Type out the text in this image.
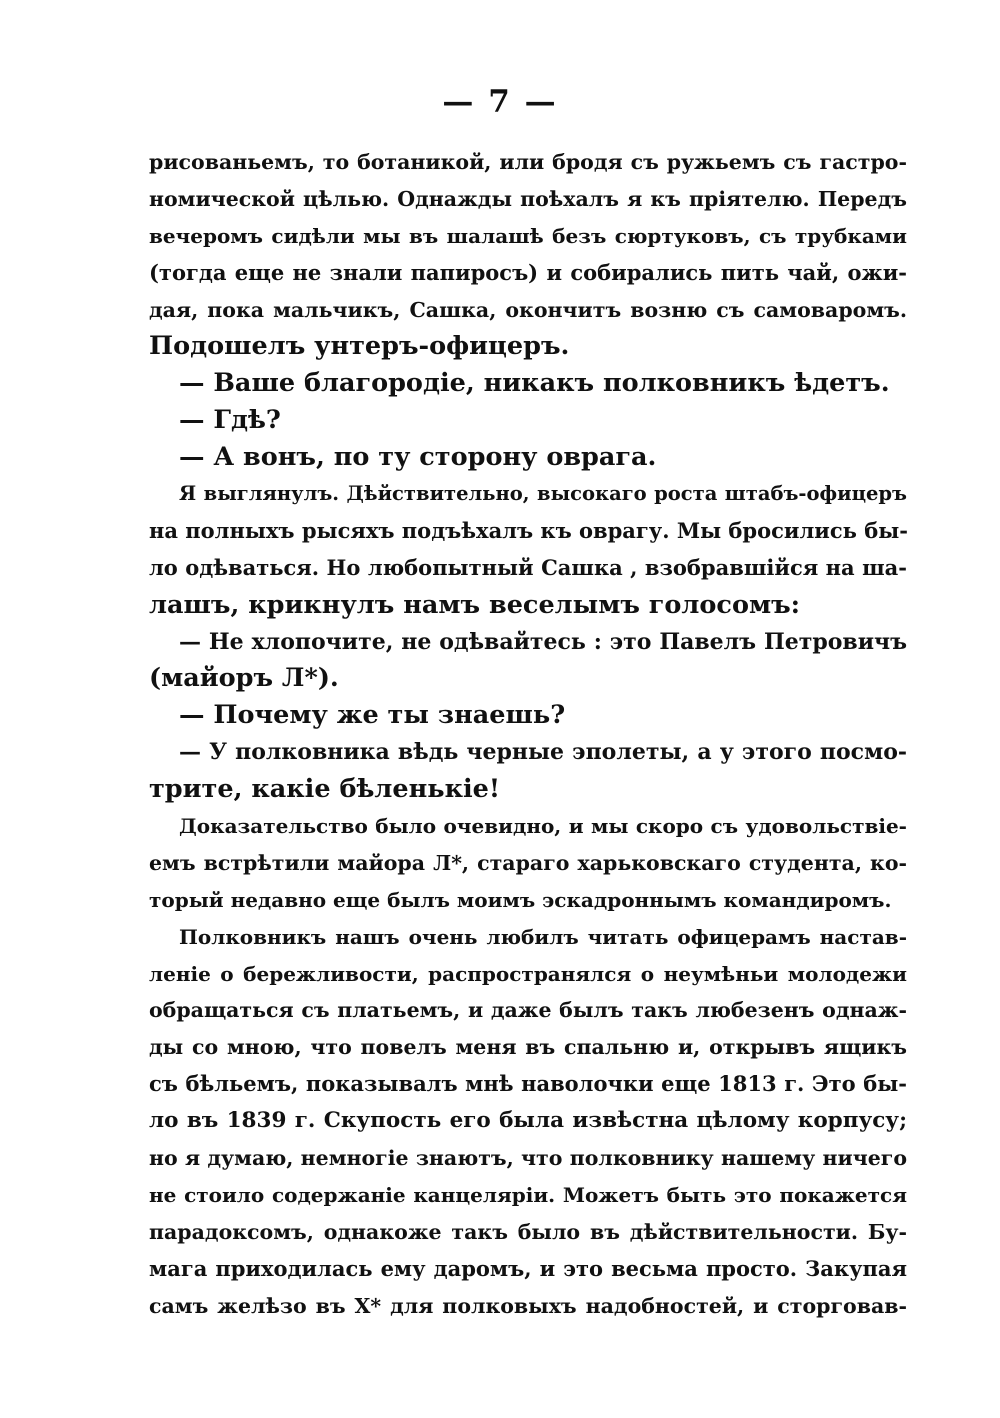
— 7 —
рисованьемъ, то ботаникой, или бродя съ ружьемъ съ гастро-
номической цѣлью. Однажды поѣхалъ я къ пріятелю. Передъ
вечеромъ сидѣли мы въ шалашѣ безъ сюртуковъ, съ трубками
(тогда еще не знали папиросъ) и собирались пить чай, ожи-
дая, пока мальчикъ, Сашка, окончитъ возню съ самоваромъ.
Подошелъ унтеръ-офицеръ.
— Ваше благородіе, никакъ полковникъ ѣдетъ.
— Гдѣ?
— А вонъ, по ту сторону оврага.
Я выглянулъ. Дѣйствительно, высокаго роста штабъ-офицеръ
на полныхъ рысяхъ подъѣхалъ къ оврагу. Мы бросились бы-
ло одѣваться. Но любопытный Сашка , взобравшійся на ша-
лашъ, крикнулъ намъ веселымъ голосомъ:
— Не хлопочите, не одѣвайтесь : это Павелъ Петровичъ
(майоръ Л*).
— Почему же ты знаешь?
— У полковника вѣдь черные эполеты, а у этого посмо-
трите, какіе бѣленькіе!
Доказательство было очевидно, и мы скоро съ удовольствіе-
емъ встрѣтили майора Л*, стараго харьковскаго студента, ко-
торый недавно еще былъ моимъ эскадроннымъ командиромъ.
Полковникъ нашъ очень любилъ читать офицерамъ настав-
леніе о бережливости, распространялся о неумѣньи молодежи
обращаться съ платьемъ, и даже былъ такъ любезенъ однаж-
ды со мною, что повелъ меня въ спальню и, открывъ ящикъ
съ бѣльемъ, показывалъ мнѣ наволочки еще 1813 г. Это бы-
ло въ 1839 г. Скупость его была извѣстна цѣлому корпусу;
но я думаю, немногіе знаютъ, что полковнику нашему ничего
не стоило содержаніе канцеляріи. Можетъ быть это покажется
парадоксомъ, однакоже такъ было въ дѣйствительности. Бу-
мага приходилась ему даромъ, и это весьма просто. Закупая
самъ желѣзо въ Х* для полковыхъ надобностей, и сторговав-
